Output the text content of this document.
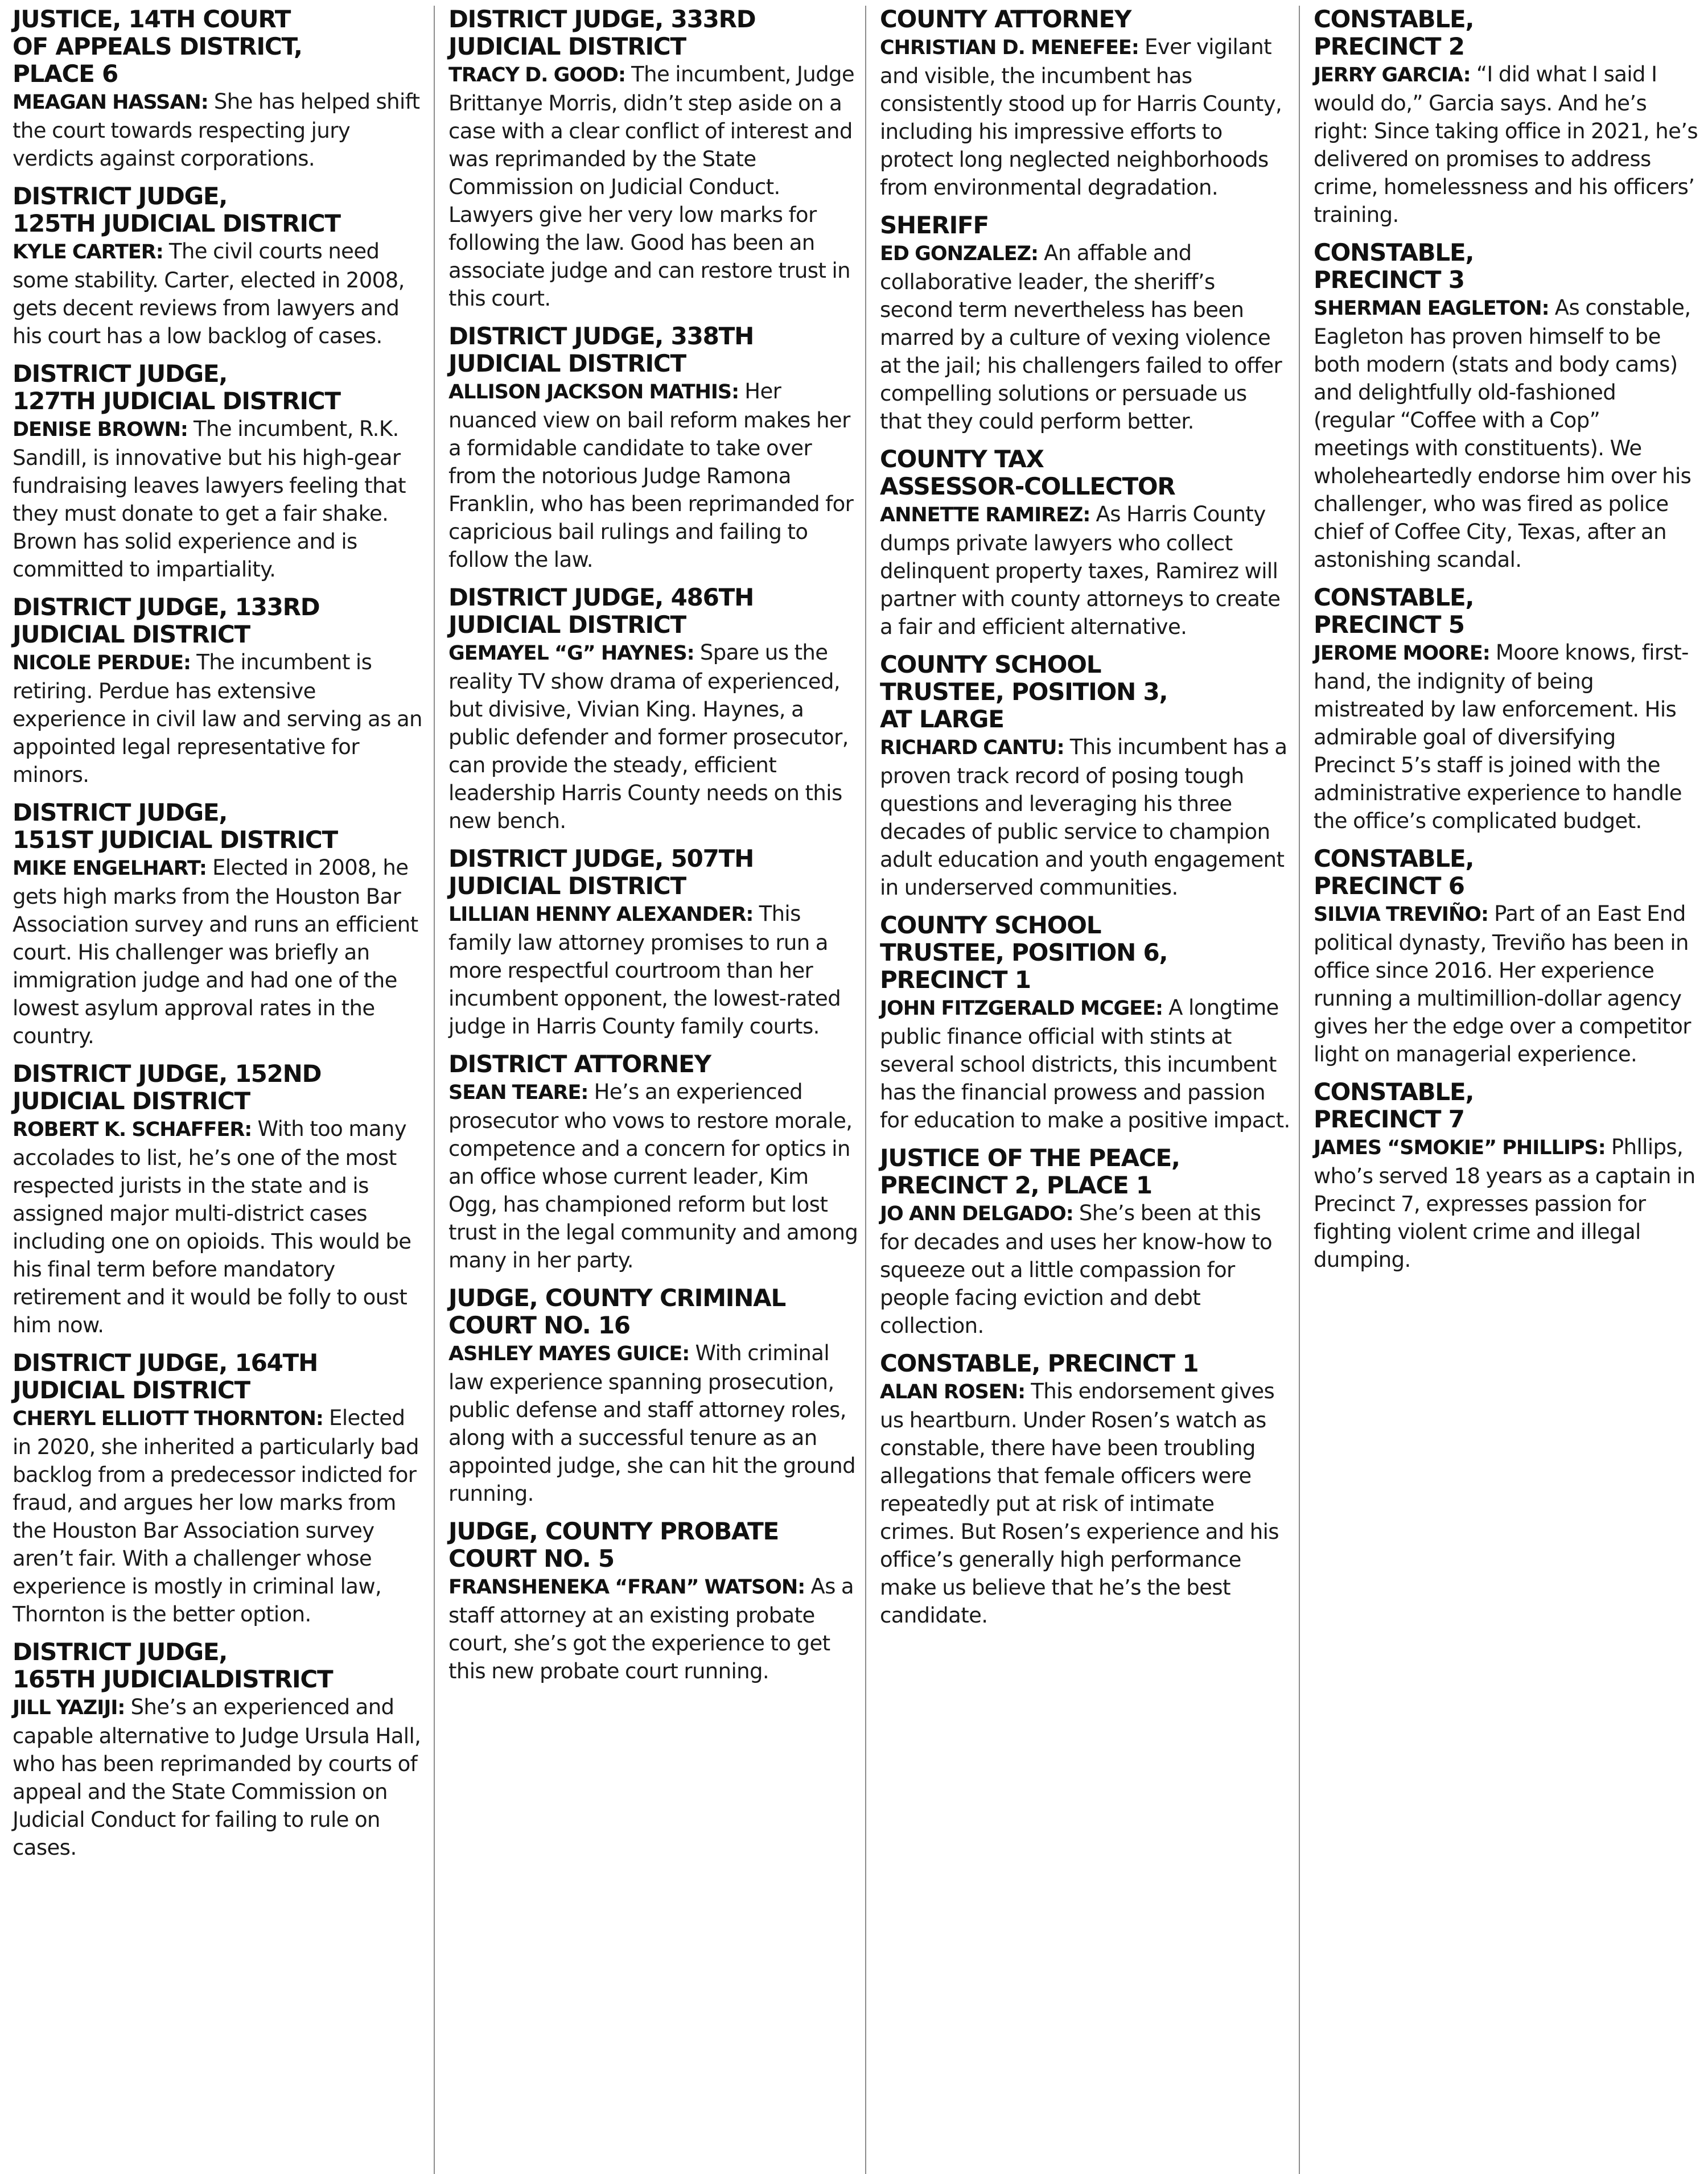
JUSTICE, 14TH COURT
OF APPEALS DISTRICT,
PLACE 6

MEAGAN HASSAN: She has helped shift the court towards respecting jury verdicts against corporations.

DISTRICT JUDGE,
125TH JUDICIAL DISTRICT

KYLE CARTER: The civil courts need some stability. Carter, elected in 2008, gets decent reviews from lawyers and his court has a low backlog of cases.

DISTRICT JUDGE,
127TH JUDICIAL DISTRICT

DENISE BROWN: The incumbent, R.K. Sandill, is innovative but his high-gear fundraising leaves lawyers feeling that they must donate to get a fair shake. Brown has solid experience and is committed to impartiality.

DISTRICT JUDGE, 133RD
JUDICIAL DISTRICT

NICOLE PERDUE: The incumbent is retiring. Perdue has extensive experience in civil law and serving as an appointed legal representative for minors.

DISTRICT JUDGE,
151ST JUDICIAL DISTRICT

MIKE ENGELHART: Elected in 2008, he gets high marks from the Houston Bar Association survey and runs an efficient court. His challenger was briefly an immigration judge and had one of the lowest asylum approval rates in the country.

DISTRICT JUDGE, 152ND
JUDICIAL DISTRICT

ROBERT K. SCHAFFER: With too many accolades to list, he’s one of the most respected jurists in the state and is assigned major multi-district cases including one on opioids. This would be his final term before mandatory retirement and it would be folly to oust him now.

DISTRICT JUDGE, 164TH
JUDICIAL DISTRICT

CHERYL ELLIOTT THORNTON: Elected in 2020, she inherited a particularly bad backlog from a predecessor indicted for fraud, and argues her low marks from the Houston Bar Association survey aren’t fair. With a challenger whose experience is mostly in criminal law, Thornton is the better option.

DISTRICT JUDGE,
165TH JUDICIALDISTRICT

JILL YAZIJI: She’s an experienced and capable alternative to Judge Ursula Hall, who has been reprimanded by courts of appeal and the State Commission on Judicial Conduct for failing to rule on cases.

DISTRICT JUDGE, 333RD
JUDICIAL DISTRICT

TRACY D. GOOD: The incumbent, Judge Brittanye Morris, didn’t step aside on a case with a clear conflict of interest and was reprimanded by the State Commission on Judicial Conduct. Lawyers give her very low marks for following the law. Good has been an associate judge and can restore trust in this court.

DISTRICT JUDGE, 338TH
JUDICIAL DISTRICT

ALLISON JACKSON MATHIS: Her nuanced view on bail reform makes her a formidable candidate to take over from the notorious Judge Ramona Franklin, who has been reprimanded for capricious bail rulings and failing to follow the law.

DISTRICT JUDGE, 486TH
JUDICIAL DISTRICT

GEMAYEL “G” HAYNES: Spare us the reality TV show drama of experienced, but divisive, Vivian King. Haynes, a public defender and former prosecutor, can provide the steady, efficient leadership Harris County needs on this new bench.

DISTRICT JUDGE, 507TH
JUDICIAL DISTRICT

LILLIAN HENNY ALEXANDER: This family law attorney promises to run a more respectful courtroom than her incumbent opponent, the lowest-rated judge in Harris County family courts.

DISTRICT ATTORNEY

SEAN TEARE: He’s an experienced prosecutor who vows to restore morale, competence and a concern for optics in an office whose current leader, Kim Ogg, has championed reform but lost trust in the legal community and among many in her party.

JUDGE, COUNTY CRIMINAL
COURT NO. 16

ASHLEY MAYES GUICE: With criminal law experience spanning prosecution, public defense and staff attorney roles, along with a successful tenure as an appointed judge, she can hit the ground running.

JUDGE, COUNTY PROBATE
COURT NO. 5

FRANSHENEKA “FRAN” WATSON: As a staff attorney at an existing probate court, she’s got the experience to get this new probate court running.

COUNTY ATTORNEY

CHRISTIAN D. MENEFEE: Ever vigilant and visible, the incumbent has consistently stood up for Harris County, including his impressive efforts to protect long neglected neighborhoods from environmental degradation.

SHERIFF

ED GONZALEZ: An affable and collaborative leader, the sheriff’s second term nevertheless has been marred by a culture of vexing violence at the jail; his challengers failed to offer compelling solutions or persuade us that they could perform better.

COUNTY TAX
ASSESSOR-COLLECTOR

ANNETTE RAMIREZ: As Harris County dumps private lawyers who collect delinquent property taxes, Ramirez will partner with county attorneys to create a fair and efficient alternative.

COUNTY SCHOOL
TRUSTEE, POSITION 3,
AT LARGE

RICHARD CANTU: This incumbent has a proven track record of posing tough questions and leveraging his three decades of public service to champion adult education and youth engagement in underserved communities.

COUNTY SCHOOL
TRUSTEE, POSITION 6,
PRECINCT 1

JOHN FITZGERALD MCGEE: A longtime public finance official with stints at several school districts, this incumbent has the financial prowess and passion for education to make a positive impact.

JUSTICE OF THE PEACE,
PRECINCT 2, PLACE 1

JO ANN DELGADO: She’s been at this for decades and uses her know-how to squeeze out a little compassion for people facing eviction and debt collection.

CONSTABLE, PRECINCT 1

ALAN ROSEN: This endorsement gives us heartburn. Under Rosen’s watch as constable, there have been troubling allegations that female officers were repeatedly put at risk of intimate crimes. But Rosen’s experience and his office’s generally high performance make us believe that he’s the best candidate.

CONSTABLE,
PRECINCT 2

JERRY GARCIA: “I did what I said I would do,” Garcia says. And he’s right: Since taking office in 2021, he’s delivered on promises to address crime, homelessness and his officers’ training.

CONSTABLE,
PRECINCT 3

SHERMAN EAGLETON: As constable, Eagleton has proven himself to be both modern (stats and body cams) and delightfully old-fashioned (regular “Coffee with a Cop” meetings with constituents). We wholeheartedly endorse him over his challenger, who was fired as police chief of Coffee City, Texas, after an astonishing scandal.

CONSTABLE,
PRECINCT 5

JEROME MOORE: Moore knows, first-hand, the indignity of being mistreated by law enforcement. His admirable goal of diversifying Precinct 5’s staff is joined with the administrative experience to handle the office’s complicated budget.

CONSTABLE,
PRECINCT 6

SILVIA TREVIÑO: Part of an East End political dynasty, Treviño has been in office since 2016. Her experience running a multimillion-dollar agency gives her the edge over a competitor light on managerial experience.

CONSTABLE,
PRECINCT 7

JAMES “SMOKIE” PHILLIPS: Phllips, who’s served 18 years as a captain in Precinct 7, expresses passion for fighting violent crime and illegal dumping.
